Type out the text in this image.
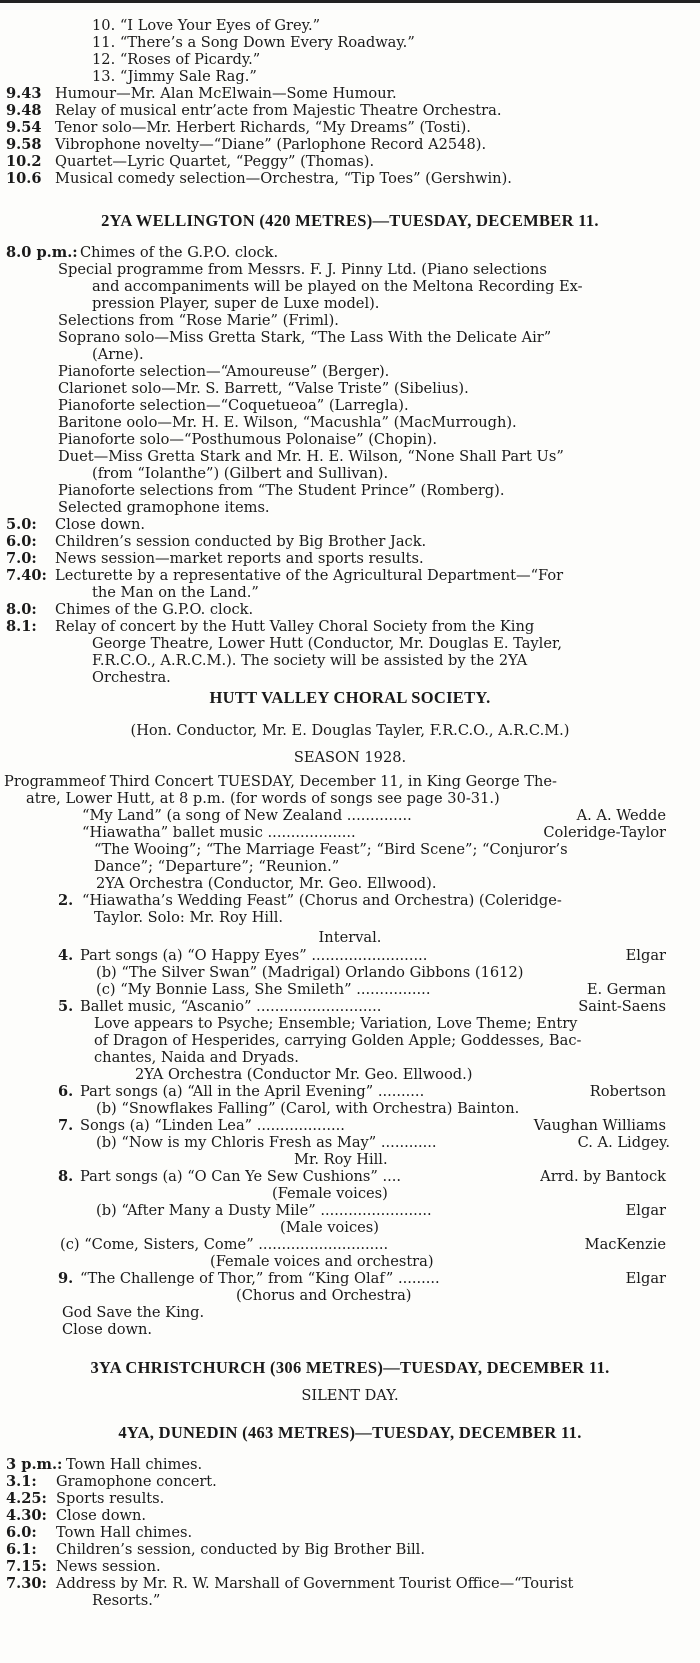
10. “I Love Your Eyes of Grey.”
11. “There’s a Song Down Every Roadway.”
12. “Roses of Picardy.”
13. “Jimmy Sale Rag.”
9.43 Humour—Mr. Alan McElwain—Some Humour.
9.48 Relay of musical entr’acte from Majestic Theatre Orchestra.
9.54 Tenor solo—Mr. Herbert Richards, “My Dreams” (Tosti).
9.58 Vibrophone novelty—“Diane” (Parlophone Record A2548).
10.2 Quartet—Lyric Quartet, “Peggy” (Thomas).
10.6 Musical comedy selection—Orchestra, “Tip Toes” (Gershwin).
2YA WELLINGTON (420 METRES)—TUESDAY, DECEMBER 11.
8.0 p.m.: Chimes of the G.P.O. clock.
Special programme from Messrs. F. J. Pinny Ltd. (Piano selections
and accompaniments will be played on the Meltona Recording Ex-
pression Player, super de Luxe model).
Selections from “Rose Marie” (Friml).
Soprano solo—Miss Gretta Stark, “The Lass With the Delicate Air”
(Arne).
Pianoforte selection—“Amoureuse” (Berger).
Clarionet solo—Mr. S. Barrett, “Valse Triste” (Sibelius).
Pianoforte selection—“Coquetueoa” (Larregla).
Baritone oolo—Mr. H. E. Wilson, “Macushla” (MacMurrough).
Pianoforte solo—“Posthumous Polonaise” (Chopin).
Duet—Miss Gretta Stark and Mr. H. E. Wilson, “None Shall Part Us”
(from “Iolanthe”) (Gilbert and Sullivan).
Pianoforte selections from “The Student Prince” (Romberg).
Selected gramophone items.
5.0: Close down.
6.0: Children’s session conducted by Big Brother Jack.
7.0: News session—market reports and sports results.
7.40: Lecturette by a representative of the Agricultural Department—“For
the Man on the Land.”
8.0: Chimes of the G.P.O. clock.
8.1: Relay of concert by the Hutt Valley Choral Society from the King
George Theatre, Lower Hutt (Conductor, Mr. Douglas E. Tayler,
F.R.C.O., A.R.C.M.). The society will be assisted by the 2YA
Orchestra.
HUTT VALLEY CHORAL SOCIETY.
(Hon. Conductor, Mr. E. Douglas Tayler, F.R.C.O., A.R.C.M.)
SEASON 1928.
Programmeof Third Concert TUESDAY, December 11, in King George The-
atre, Lower Hutt, at 8 p.m. (for words of songs see page 30-31.)
“My Land” (a song of New Zealand ..............	A. A. Wedde
“Hiawatha” ballet music ...................	Coleridge-Taylor
“The Wooing”; “The Marriage Feast”; “Bird Scene”; “Conjuror’s
Dance”; “Departure”; “Reunion.”
2YA Orchestra (Conductor, Mr. Geo. Ellwood).
2. “Hiawatha’s Wedding Feast” (Chorus and Orchestra) (Coleridge-
Taylor. Solo: Mr. Roy Hill.
Interval.
4. Part songs (a) “O Happy Eyes” .........................	Elgar
(b) “The Silver Swan” (Madrigal) Orlando Gibbons (1612)
(c) “My Bonnie Lass, She Smileth” ................	E. German
5. Ballet music, “Ascanio” ...........................	Saint-Saens
Love appears to Psyche; Ensemble; Variation, Love Theme; Entry
of Dragon of Hesperides, carrying Golden Apple; Goddesses, Bac-
chantes, Naida and Dryads.
2YA Orchestra (Conductor Mr. Geo. Ellwood.)
6. Part songs (a) “All in the April Evening” ..........	Robertson
(b) “Snowflakes Falling” (Carol, with Orchestra) Bainton.
7. Songs (a) “Linden Lea” ...................	Vaughan Williams
(b) “Now is my Chloris Fresh as May” ............	C. A. Lidgey.
Mr. Roy Hill.
8. Part songs (a) “O Can Ye Sew Cushions” ....	Arrd. by Bantock
(Female voices)
(b) “After Many a Dusty Mile” ........................	Elgar
(Male voices)
(c) “Come, Sisters, Come” ............................	MacKenzie
(Female voices and orchestra)
9. “The Challenge of Thor,” from “King Olaf” .........	Elgar
(Chorus and Orchestra)
God Save the King.
Close down.
3YA CHRISTCHURCH (306 METRES)—TUESDAY, DECEMBER 11.
SILENT DAY.
4YA, DUNEDIN (463 METRES)—TUESDAY, DECEMBER 11.
3 p.m.: Town Hall chimes.
3.1: Gramophone concert.
4.25: Sports results.
4.30: Close down.
6.0: Town Hall chimes.
6.1: Children’s session, conducted by Big Brother Bill.
7.15: News session.
7.30: Address by Mr. R. W. Marshall of Government Tourist Office—“Tourist
Resorts.”
